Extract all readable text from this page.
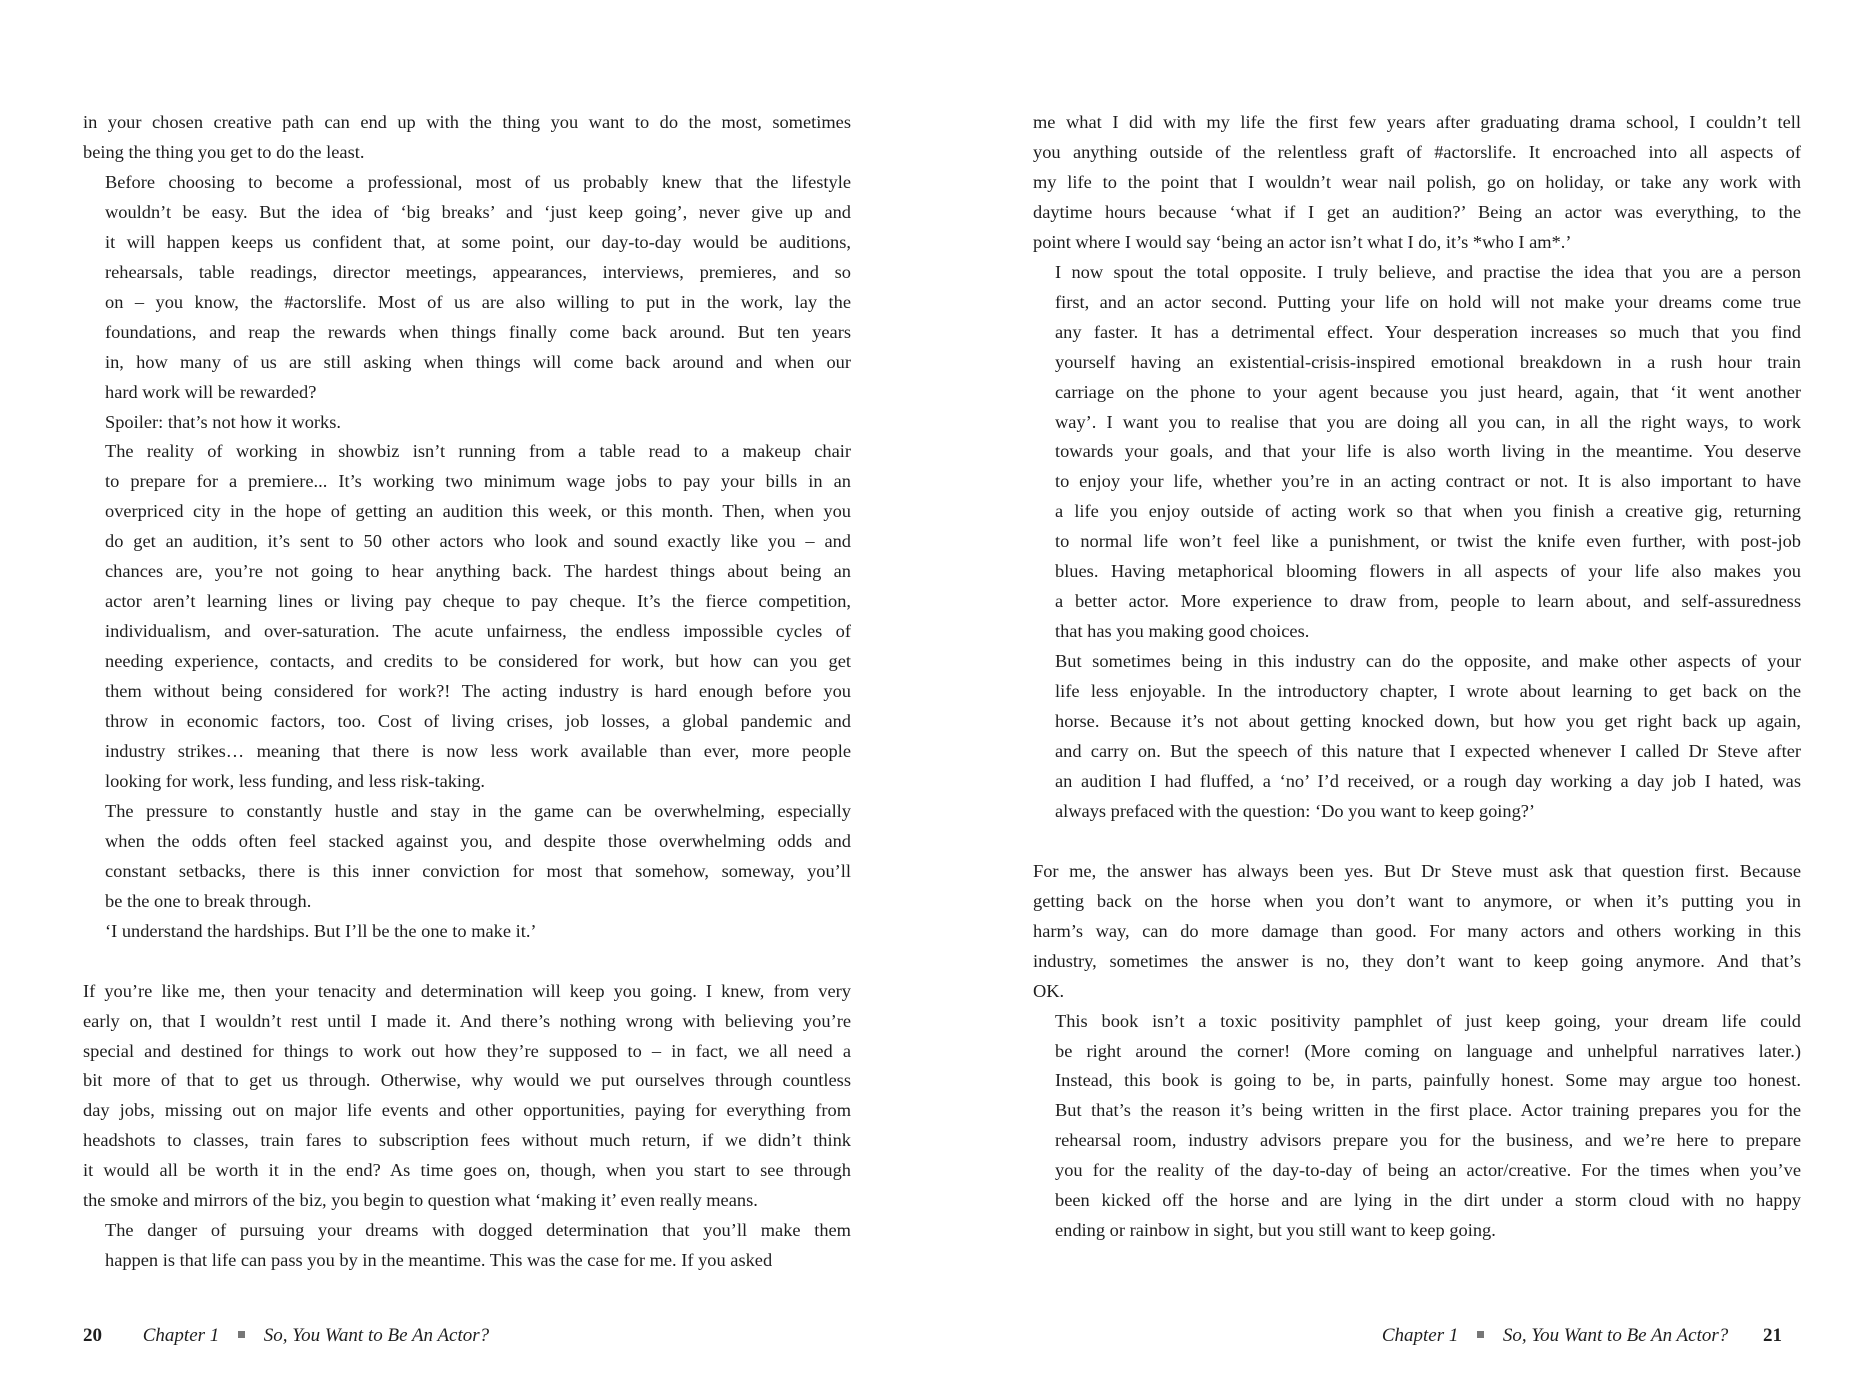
in your chosen creative path can end up with the thing you want to do the most, sometimes
being the thing you get to do the least.

Before choosing to become a professional, most of us probably knew that the lifestyle
wouldn’t be easy. But the idea of ‘big breaks’ and ‘just keep going’, never give up and
it will happen keeps us confident that, at some point, our day-to-day would be auditions,
rehearsals, table readings, director meetings, appearances, interviews, premieres, and so
on – you know, the #actorslife. Most of us are also willing to put in the work, lay the
foundations, and reap the rewards when things finally come back around. But ten years
in, how many of us are still asking when things will come back around and when our
hard work will be rewarded?

Spoiler: that’s not how it works.

The reality of working in showbiz isn’t running from a table read to a makeup chair
to prepare for a premiere... It’s working two minimum wage jobs to pay your bills in an
overpriced city in the hope of getting an audition this week, or this month. Then, when you
do get an audition, it’s sent to 50 other actors who look and sound exactly like you – and
chances are, you’re not going to hear anything back. The hardest things about being an
actor aren’t learning lines or living pay cheque to pay cheque. It’s the fierce competition,
individualism, and over-saturation. The acute unfairness, the endless impossible cycles of
needing experience, contacts, and credits to be considered for work, but how can you get
them without being considered for work?! The acting industry is hard enough before you
throw in economic factors, too. Cost of living crises, job losses, a global pandemic and
industry strikes… meaning that there is now less work available than ever, more people
looking for work, less funding, and less risk-taking.

The pressure to constantly hustle and stay in the game can be overwhelming, especially
when the odds often feel stacked against you, and despite those overwhelming odds and
constant setbacks, there is this inner conviction for most that somehow, someway, you’ll
be the one to break through.

‘I understand the hardships. But I’ll be the one to make it.’

If you’re like me, then your tenacity and determination will keep you going. I knew, from very
early on, that I wouldn’t rest until I made it. And there’s nothing wrong with believing you’re
special and destined for things to work out how they’re supposed to – in fact, we all need a
bit more of that to get us through. Otherwise, why would we put ourselves through countless
day jobs, missing out on major life events and other opportunities, paying for everything from
headshots to classes, train fares to subscription fees without much return, if we didn’t think
it would all be worth it in the end? As time goes on, though, when you start to see through
the smoke and mirrors of the biz, you begin to question what ‘making it’ even really means.

The danger of pursuing your dreams with dogged determination that you’ll make them
happen is that life can pass you by in the meantime. This was the case for me. If you asked

20 Chapter 1 So, You Want to Be An Actor?

me what I did with my life the first few years after graduating drama school, I couldn’t tell
you anything outside of the relentless graft of #actorslife. It encroached into all aspects of
my life to the point that I wouldn’t wear nail polish, go on holiday, or take any work with
daytime hours because ‘what if I get an audition?’ Being an actor was everything, to the
point where I would say ‘being an actor isn’t what I do, it’s *who I am*.’

I now spout the total opposite. I truly believe, and practise the idea that you are a person
first, and an actor second. Putting your life on hold will not make your dreams come true
any faster. It has a detrimental effect. Your desperation increases so much that you find
yourself having an existential-crisis-inspired emotional breakdown in a rush hour train
carriage on the phone to your agent because you just heard, again, that ‘it went another
way’. I want you to realise that you are doing all you can, in all the right ways, to work
towards your goals, and that your life is also worth living in the meantime. You deserve
to enjoy your life, whether you’re in an acting contract or not. It is also important to have
a life you enjoy outside of acting work so that when you finish a creative gig, returning
to normal life won’t feel like a punishment, or twist the knife even further, with post-job
blues. Having metaphorical blooming flowers in all aspects of your life also makes you
a better actor. More experience to draw from, people to learn about, and self-assuredness
that has you making good choices.

But sometimes being in this industry can do the opposite, and make other aspects of your
life less enjoyable. In the introductory chapter, I wrote about learning to get back on the
horse. Because it’s not about getting knocked down, but how you get right back up again,
and carry on. But the speech of this nature that I expected whenever I called Dr Steve after
an audition I had fluffed, a ‘no’ I’d received, or a rough day working a day job I hated, was
always prefaced with the question: ‘Do you want to keep going?’

For me, the answer has always been yes. But Dr Steve must ask that question first. Because
getting back on the horse when you don’t want to anymore, or when it’s putting you in
harm’s way, can do more damage than good. For many actors and others working in this
industry, sometimes the answer is no, they don’t want to keep going anymore. And that’s
OK.

This book isn’t a toxic positivity pamphlet of just keep going, your dream life could
be right around the corner! (More coming on language and unhelpful narratives later.)
Instead, this book is going to be, in parts, painfully honest. Some may argue too honest.
But that’s the reason it’s being written in the first place. Actor training prepares you for the
rehearsal room, industry advisors prepare you for the business, and we’re here to prepare
you for the reality of the day-to-day of being an actor/creative. For the times when you’ve
been kicked off the horse and are lying in the dirt under a storm cloud with no happy
ending or rainbow in sight, but you still want to keep going.

Chapter 1 So, You Want to Be An Actor? 21
